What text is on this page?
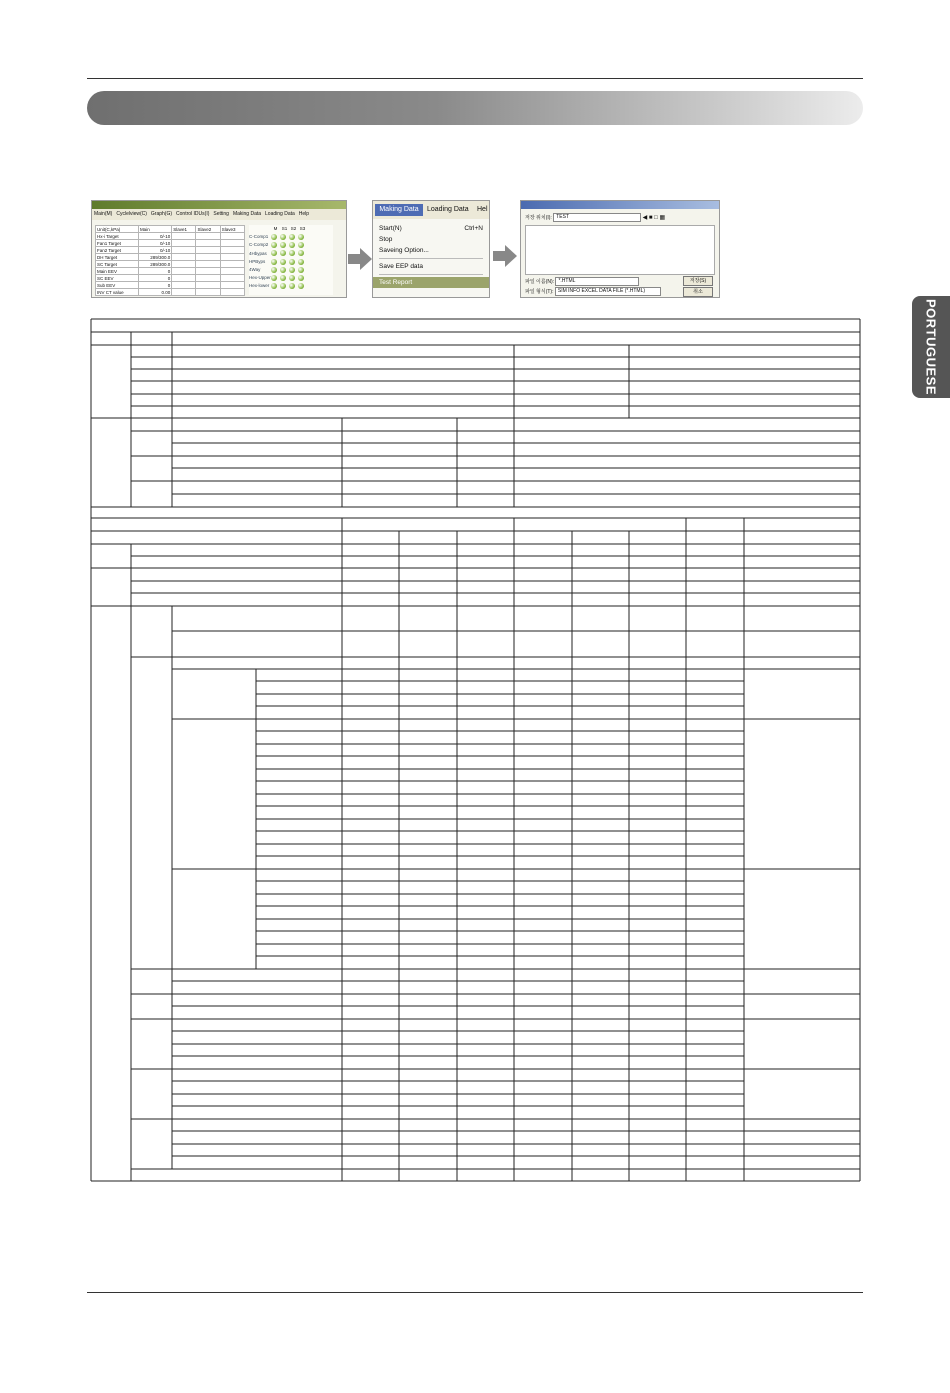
PORTUGUESE
Main(M) Cyclelview(C) Graph(G) Control IDUs(I) Setting Making Data Loading Data Help
Unit(C,kPa)	Main	Slave1	Slave2	Slave3
Hx-i Target	0/-10			
Fan1 Target	0/-10			
Fan2 Target	0/-10			
DH Target	289/300.0			
SC Target	289/300.0			
Main EEV	0			
SC EEV	0			
Sub EEV	0			
INV CT value	0.00			
M S1 S2 S3
C-Comp1
C-Comp2
4Hbypas
HPByps
4Way
Hex-Upper
Hex-lower
Making Data	Loading Data Hel
Start(N)	Ctrl+N
Stop
Saveing Option...
Save EEP data
Test Report
저장 위치(I): TEST	◀ ■ □ ▦
파일 이름(N): *.HTML
파일 형식(T): SIM INFO EXCEL DATA FILE (*.HTML)
저장(S)
취소
